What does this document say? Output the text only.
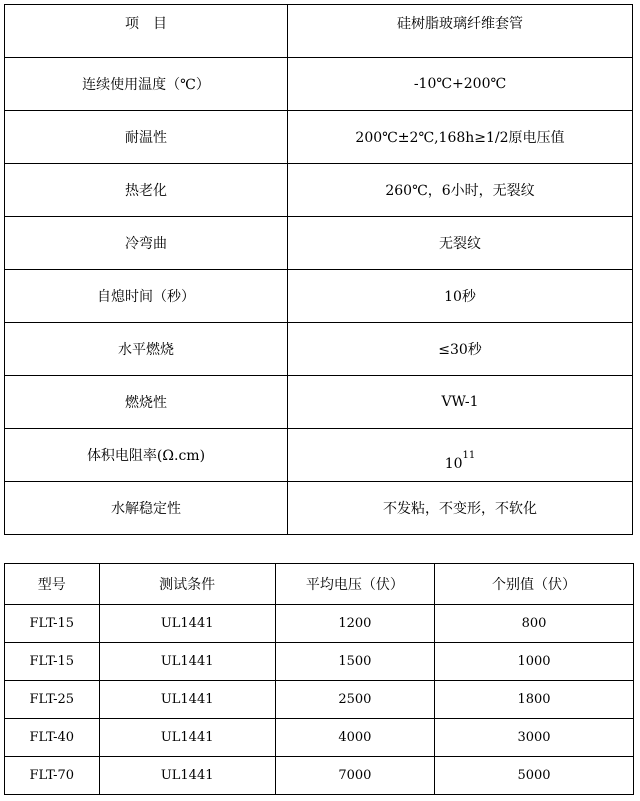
项　目	硅树脂玻璃纤维套管
连续使用温度（℃）	-10℃+200℃
耐温性	200℃±2℃,168h≥1/2原电压值
热老化	260℃，6小时，无裂纹
冷弯曲	无裂纹
自熄时间（秒）	10秒
水平燃烧	≤30秒
燃烧性	VW-1
体积电阻率(Ω.cm)	$10^{11}$
水解稳定性	不发粘，不变形，不软化
型号	测试条件	平均电压（伏）	个别值（伏）
FLT-15	UL1441	1200	800
FLT-15	UL1441	1500	1000
FLT-25	UL1441	2500	1800
FLT-40	UL1441	4000	3000
FLT-70	UL1441	7000	5000
